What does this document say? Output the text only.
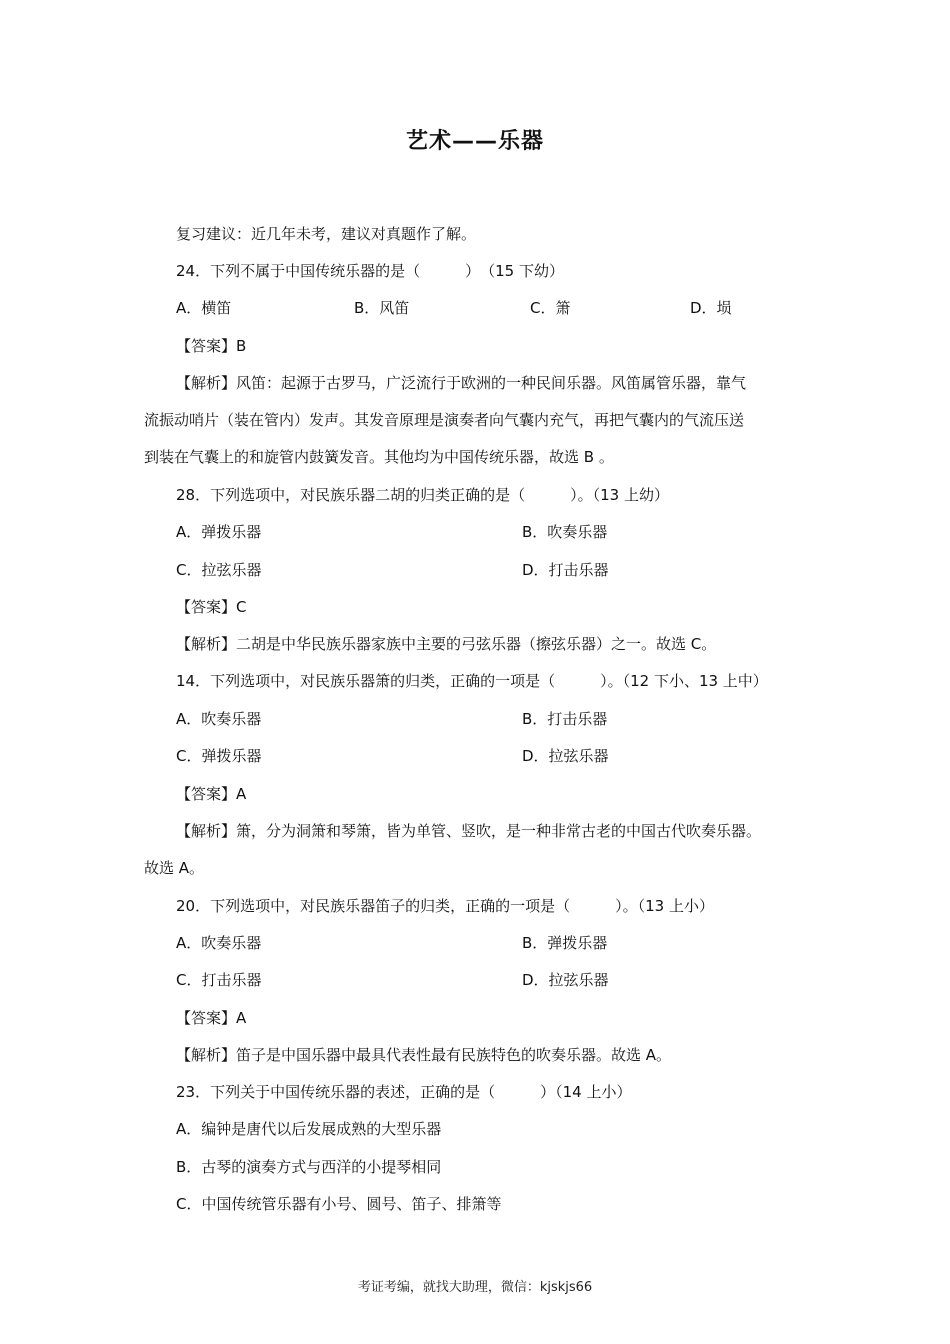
艺术——乐器
复习建议：近几年未考，建议对真题作了解。
24．下列不属于中国传统乐器的是（　　　）　（15 下幼）
A．横笛	B．风笛	C．箫	D．埙
【答案】B
【解析】风笛：起源于古罗马，广泛流行于欧洲的一种民间乐器。风笛属管乐器，靠气
流振动哨片（装在管内）发声。其发音原理是演奏者向气囊内充气，再把气囊内的气流压送
到装在气囊上的和旋管内鼓簧发音。其他均为中国传统乐器，故选 B 。
28．下列选项中，对民族乐器二胡的归类正确的是（　　　）。（13 上幼）
A．弹拨乐器	B．吹奏乐器
C．拉弦乐器	D．打击乐器
【答案】C
【解析】二胡是中华民族乐器家族中主要的弓弦乐器（擦弦乐器）之一。故选 C。
14．下列选项中，对民族乐器箫的归类，正确的一项是（　　　）。（12 下小、13 上中）
A．吹奏乐器	B．打击乐器
C．弹拨乐器	D．拉弦乐器
【答案】A
【解析】箫，分为洞箫和琴箫，皆为单管、竖吹，是一种非常古老的中国古代吹奏乐器。
故选 A。
20．下列选项中，对民族乐器笛子的归类，正确的一项是（　　　）。（13 上小）
A．吹奏乐器	B．弹拨乐器
C．打击乐器	D．拉弦乐器
【答案】A
【解析】笛子是中国乐器中最具代表性最有民族特色的吹奏乐器。故选 A。
23．下列关于中国传统乐器的表述，正确的是（　　　）（14 上小）
A．编钟是唐代以后发展成熟的大型乐器
B．古琴的演奏方式与西洋的小提琴相同
C．中国传统管乐器有小号、圆号、笛子、排箫等
考证考编，就找大助理，微信：kjskjs66
